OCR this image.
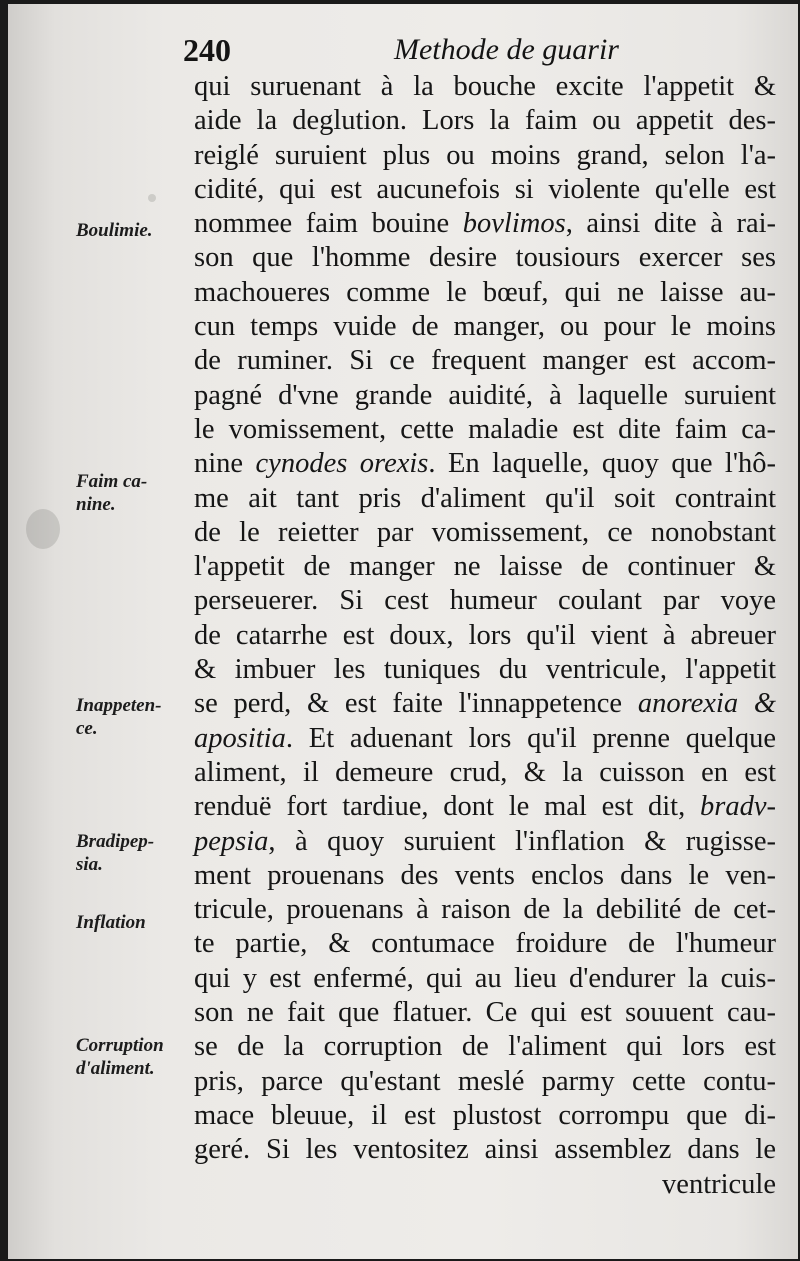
240	Methode de guarir
qui suruenant à la bouche excite l'appetit &
aide la deglution. Lors la faim ou appetit des-
reiglé suruient plus ou moins grand, selon l'a-
cidité, qui est aucunefois si violente qu'elle est
nommee faim bouine bovlimos, ainsi dite à rai-
son que l'homme desire tousiours exercer ses
machoueres comme le bœuf, qui ne laisse au-
cun temps vuide de manger, ou pour le moins
de ruminer. Si ce frequent manger est accom-
pagné d'vne grande auidité, à laquelle suruient
le vomissement, cette maladie est dite faim ca-
nine cynodes orexis. En laquelle, quoy que l'hô-
me ait tant pris d'aliment qu'il soit contraint
de le reietter par vomissement, ce nonobstant
l'appetit de manger ne laisse de continuer &
perseuerer. Si cest humeur coulant par voye
de catarrhe est doux, lors qu'il vient à abreuer
& imbuer les tuniques du ventricule, l'appetit
se perd, & est faite l'innappetence anorexia &
apositia. Et aduenant lors qu'il prenne quelque
aliment, il demeure crud, & la cuisson en est
renduë fort tardiue, dont le mal est dit, bradv-
pepsia, à quoy suruient l'inflation & rugisse-
ment prouenans des vents enclos dans le ven-
tricule, prouenans à raison de la debilité de cet-
te partie, & contumace froidure de l'humeur
qui y est enfermé, qui au lieu d'endurer la cuis-
son ne fait que flatuer. Ce qui est souuent cau-
se de la corruption de l'aliment qui lors est
pris, parce qu'estant meslé parmy cette contu-
mace bleuue, il est plustost corrompu que di-
geré. Si les ventositez ainsi assemblez dans le
ventricule
Boulimie.
Faim ca-
nine.
Inappeten-
ce.
Bradipep-
sia.
Inflation
Corruption
d'aliment.
